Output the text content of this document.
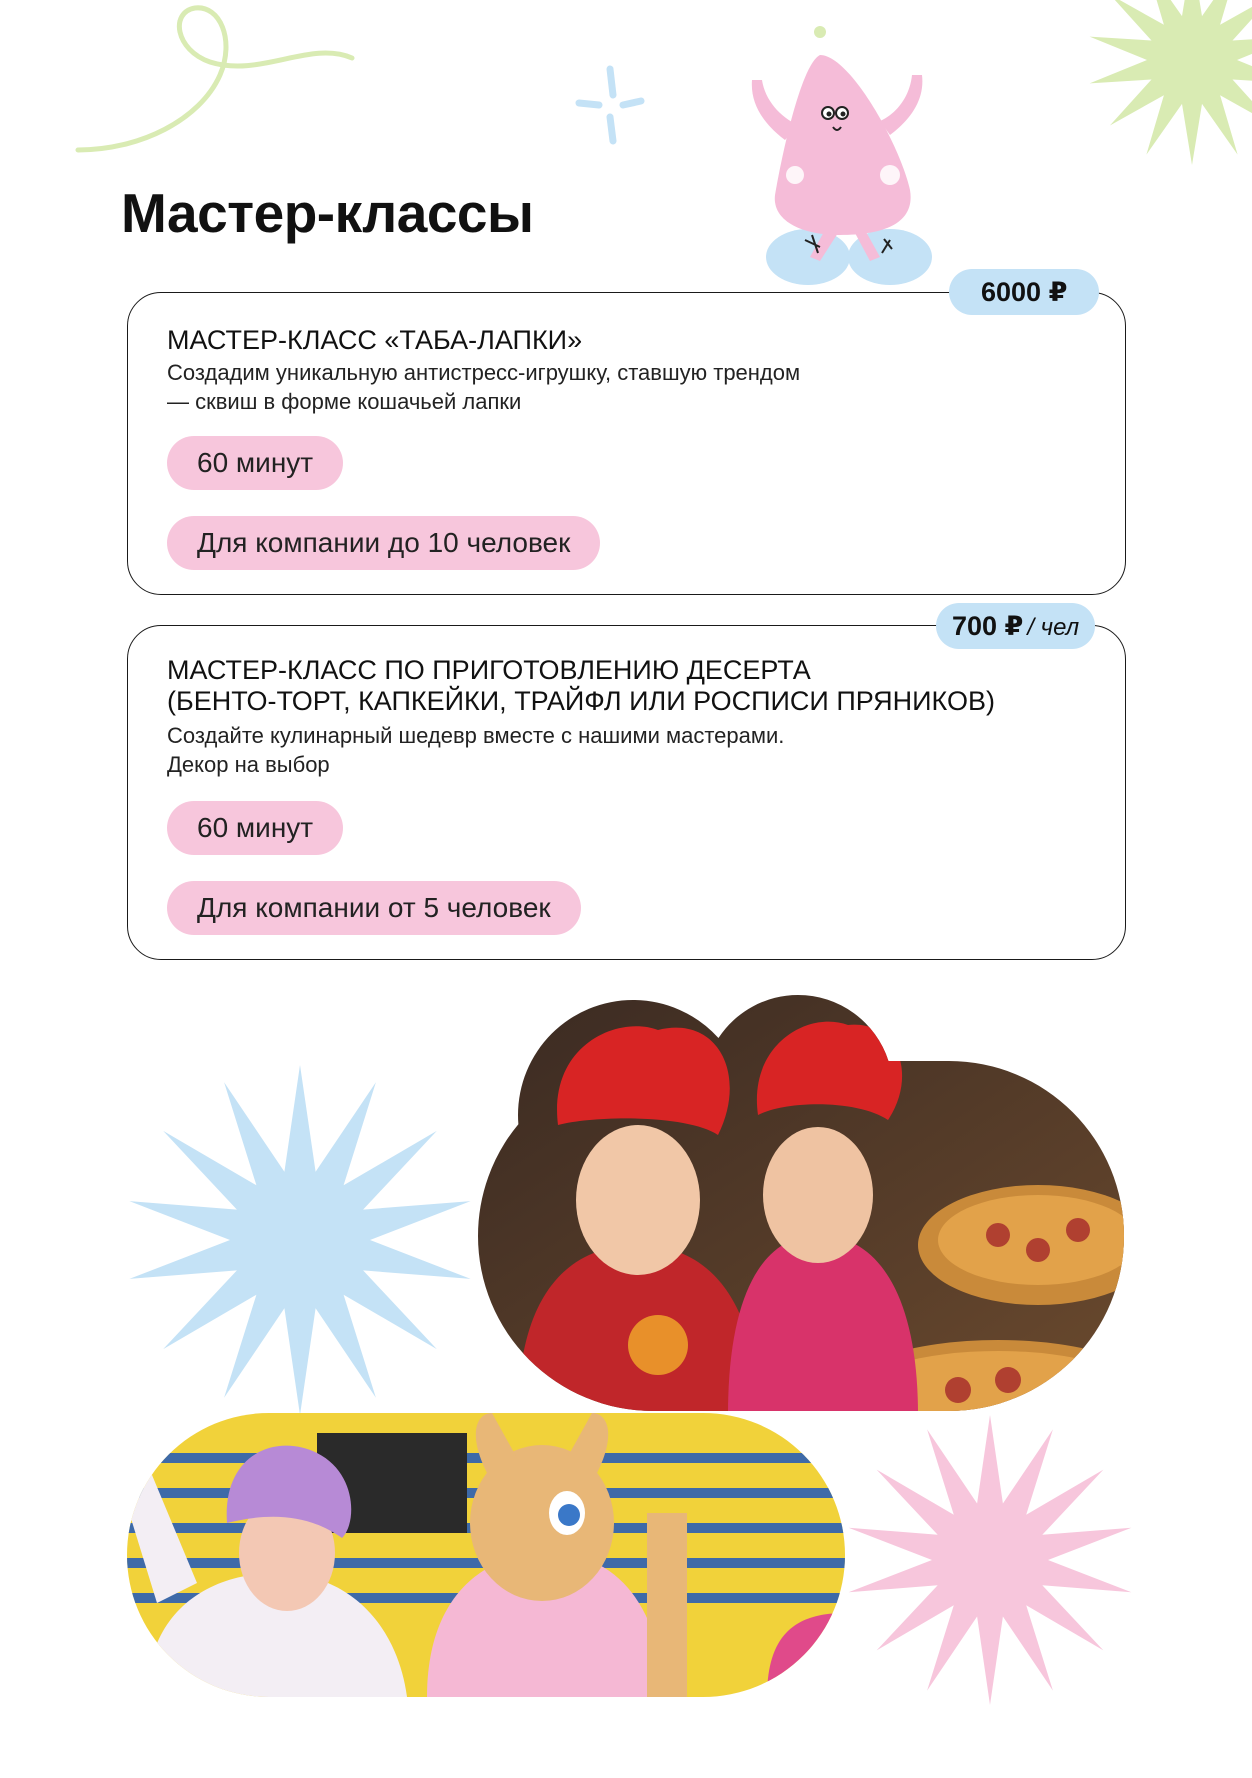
Мастер-классы
МАСТЕР-КЛАСС «ТАБА-ЛАПКИ»
Создадим уникальную антистресс-игрушку, ставшую трендом
— сквиш в форме кошачьей лапки
60 минут
Для компании до 10 человек
6000 ₽
МАСТЕР-КЛАСС ПО ПРИГОТОВЛЕНИЮ ДЕСЕРТА
(БЕНТО-ТОРТ, КАПКЕЙКИ, ТРАЙФЛ ИЛИ РОСПИСИ ПРЯНИКОВ)
Создайте кулинарный шедевр вместе с нашими мастерами.
Декор на выбор
60 минут
Для компании от 5 человек
700 ₽ / чел
